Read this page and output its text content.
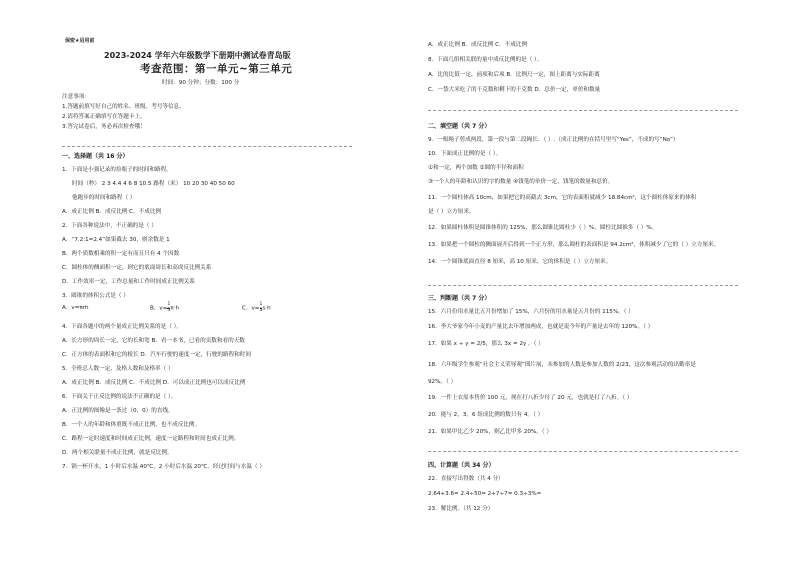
保密★启用前
2023-2024 学年六年级数学下册期中测试卷青岛版
考查范围：第一单元~第三单元
时间：90 分钟；分数：100 分
注意事项：
1.答题前填写好自己的姓名、班级、考号等信息。
2.请将答案正确填写在答题卡上。
3.答完试卷后，务必再次检查哦！
一、选择题（共 16 分）
1．下面是小强记录的捡瓶子的时间和路程。
时间（秒） 2 3 4.4 4 6 8 10.5 路程（米） 10 20 30 40 50 60
他跑步的时间和路程（ ）
A．成正比例 B．成反比例 C．不成比例
2．下面各种说法中，不正确的是（ ）
A．“7.2:1=2.4”如果截去 30，则余数是 1
B．两个质数相乘的积一定有而且只有 4 个因数
C．圆柱体的侧面积一定，则它的底面周长和高成反比例关系
D．工作效率一定，工作总量和工作时间成正比例关系
3．圆锥的体积公式是（ ）
A．v=πrh	B．$v= \frac{1}{3} \pi\cdot h$	C．$v= \frac{1}{3} s\cdot h$
4．下面各题中的两个量成正比例关系的是（ ）。
A．长方形的周长一定，它的长和宽 B．看一本书，已看的页数和看的天数
C．正方体的表面积和它的棱长 D．汽车行驶的速度一定，行驶的路程和时间
5．全班总人数一定，及格人数和及格率（ ）
A．成正比例 B．成反比例 C．不成比例 D．可以成正比例也可以成反比例
6．下面关于正反比例的说法不正确的是（ ）。
A．正比例的图像是一条过（0，0）的直线。
B．一个人的年龄和体重既不成正比例，也不成反比例。
C．路程一定时速度和时间成正比例，速度一定路程和时间也成正比例。
D．两个相关联量不成正比例，就是反比例。
7．锅一杯开水，1 小时后水温 40℃，2 小时后水温 20℃，经过时间与水温（ ）
A．成正比例 B．成反比例 C．不成比例
8．下面几组相关联的量中成反比例的是（ ）。
A．比的比值一定，前项和后项 B．比例尺一定，图上距离与实际距离
C．一袋大米吃了的千克数和剩下的千克数 D．总价一定，单价和数量
二、填空题（共 7 分）
9．一根绳子剪成两段，第一段与第二段绳长．（ ）.（成正比例的在括号里写“Yes”，不成的写“No”）
10．下面成正比例的是（ ）。
①和一定，两个加数 ②圆的半径和面积
③一个人的年龄和认识的字的数量 ④钱笔的单价一定，钱笔的数量和总价。
11．一个圆柱体高 10cm，如果把它的高截去 3cm，它的表面积就减少 18.84cm²，这个圆柱体原来的体积
是（ ）立方厘米。
12．如果圆柱体积是圆锥体积的 125%，那么圆锥比圆柱少（ ）%，圆柱比圆锥多（ ）%。
13．如果把一个圆柱的侧面展开后得到一个正方形，那么圆柱的表面积是 94.2cm²，体积减少了它的（ ）立方厘米。
14．一个圆锥底面直径 8 厘米，高 10 厘米，它的体积是（ ）立方厘米。
三、判断题（共 7 分）
15．六月份用水量比五月份增加了 15%，六月份的用水量是五月份的 115%。（ ）
16．李大爷家今年小麦的产量比去年增加两成，也就是说今年的产量是去年的 120%。（ ）
17．如果 x ÷ y = 2/5，那么 3x = 2y 。（ ）
18．六年级学生参观“社会主义荣辱观”图片展，未参加的人数是参加人数的 2/23，这次参观活动的出勤率是
92%。（ ）
19．一件上衣原本售价 100 元，现在打八折少付了 20 元，也就是打了八折。（ ）
20．能与 2，3，6 组成比例的数只有 4。（ ）
21．如果甲比乙少 20%，则乙比甲多 20%。（ ）
四、计算题（共 34 分）
22．直接写出得数（共 4 分）
2.64+3.6= 2.4÷50= 2+7÷7= 0.3÷3%=
23．解比例。（共 12 分）
